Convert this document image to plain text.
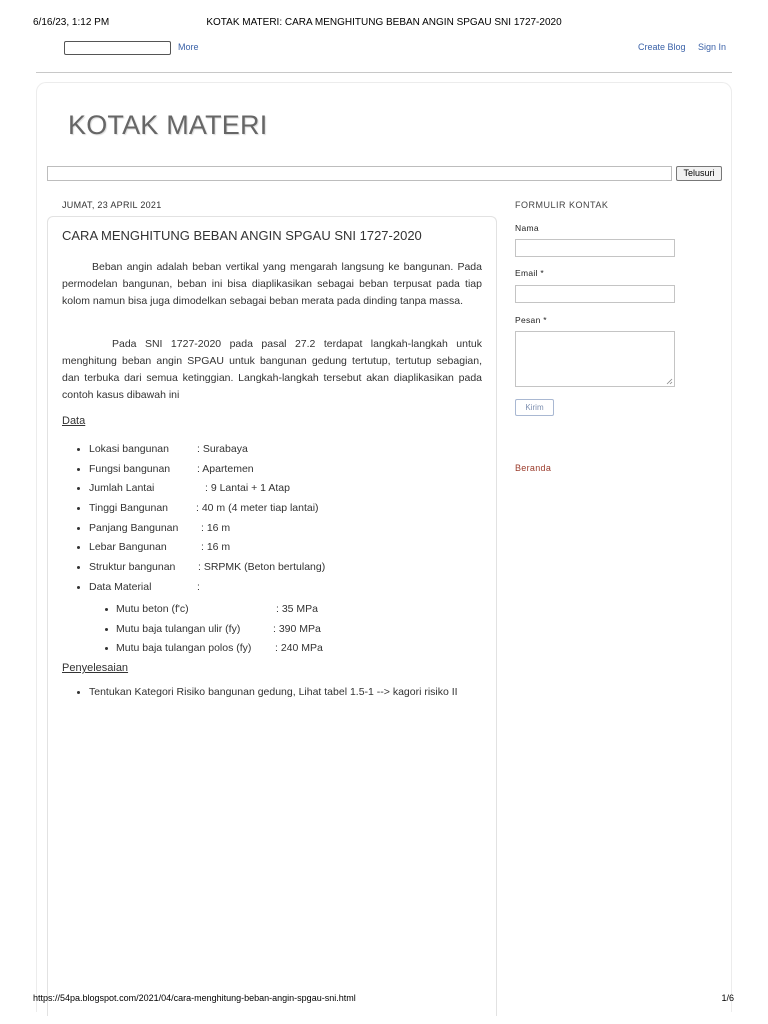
6/16/23, 1:12 PM	KOTAK MATERI: CARA MENGHITUNG BEBAN ANGIN SPGAU SNI 1727-2020
More	Create Blog Sign In
KOTAK MATERI
Telusuri
JUMAT, 23 APRIL 2021
CARA MENGHITUNG BEBAN ANGIN SPGAU SNI 1727-2020

Beban angin adalah beban vertikal yang mengarah langsung ke bangunan. Pada permodelan bangunan, beban ini bisa diaplikasikan sebagai beban terpusat pada tiap kolom namun bisa juga dimodelkan sebagai beban merata pada dinding tanpa massa.

Pada SNI 1727-2020 pada pasal 27.2 terdapat langkah-langkah untuk menghitung beban angin SPGAU untuk bangunan gedung tertutup, tertutup sebagian, dan terbuka dari semua ketinggian. Langkah-langkah tersebut akan diaplikasikan pada contoh kasus dibawah ini

Data
Lokasi bangunan	: Surabaya
Fungsi bangunan	: Apartemen
Jumlah Lantai	: 9 Lantai + 1 Atap
Tinggi Bangunan	: 40 m (4 meter tiap lantai)
Panjang Bangunan : 16 m
Lebar Bangunan	: 16 m
Struktur bangunan : SRPMK (Beton bertulang)
Data Material	:
Mutu beton (f'c)	: 35 MPa
Mutu baja tulangan ulir (fy)	: 390 MPa
Mutu baja tulangan polos (fy) : 240 MPa
Penyelesaian
Tentukan Kategori Risiko bangunan gedung, Lihat tabel 1.5-1 --> kagori risiko II
FORMULIR KONTAK
Nama
Email *
Pesan *
Kirim
Beranda
https://54pa.blogspot.com/2021/04/cara-menghitung-beban-angin-spgau-sni.html	1/6
